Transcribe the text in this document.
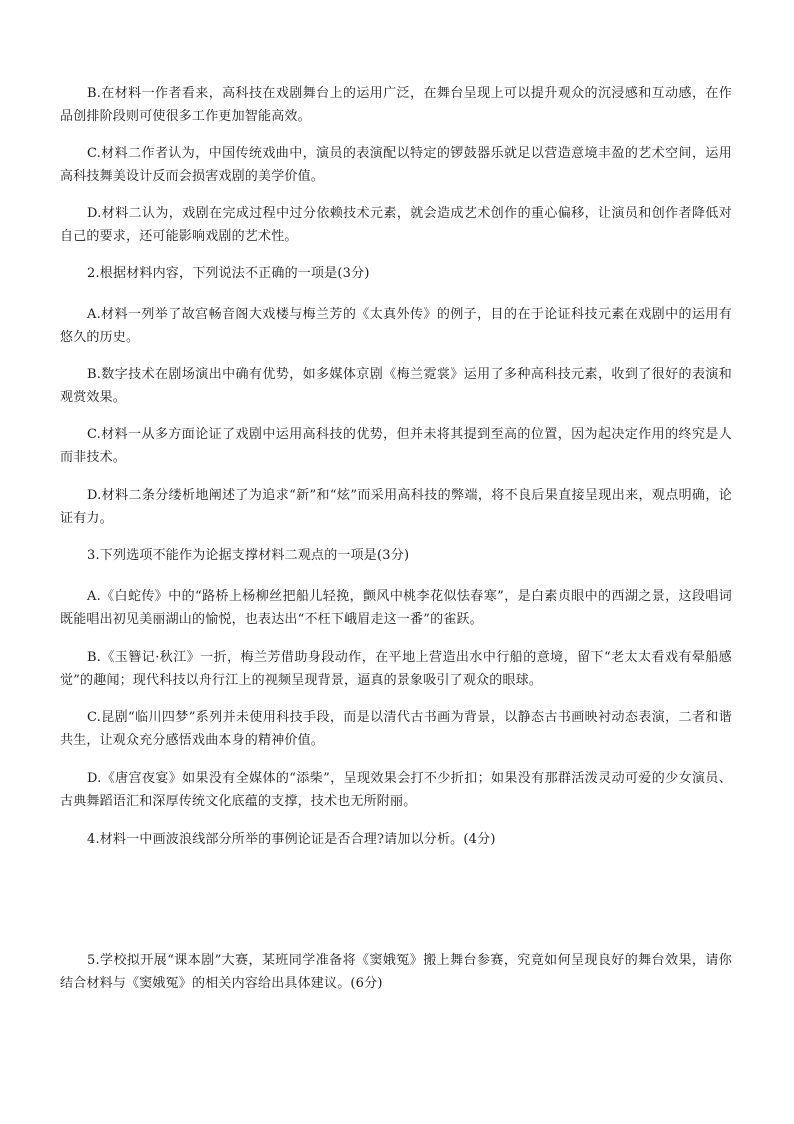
B.在材料一作者看来，高科技在戏剧舞台上的运用广泛，在舞台呈现上可以提升观众的沉浸感和互动感，在作品创排阶段则可使很多工作更加智能高效。

C.材料二作者认为，中国传统戏曲中，演员的表演配以特定的锣鼓器乐就足以营造意境丰盈的艺术空间，运用高科技舞美设计反而会损害戏剧的美学价值。

D.材料二认为，戏剧在完成过程中过分依赖技术元素，就会造成艺术创作的重心偏移，让演员和创作者降低对自己的要求，还可能影响戏剧的艺术性。

2.根据材料内容，下列说法不正确的一项是(3分)

A.材料一列举了故宫畅音阁大戏楼与梅兰芳的《太真外传》的例子，目的在于论证科技元素在戏剧中的运用有悠久的历史。

B.数字技术在剧场演出中确有优势，如多媒体京剧《梅兰霓裳》运用了多种高科技元素，收到了很好的表演和观赏效果。

C.材料一从多方面论证了戏剧中运用高科技的优势，但并未将其提到至高的位置，因为起决定作用的终究是人而非技术。

D.材料二条分缕析地阐述了为追求“新”和“炫”而采用高科技的弊端，将不良后果直接呈现出来，观点明确，论证有力。

3.下列选项不能作为论据支撑材料二观点的一项是(3分)

A.《白蛇传》中的“路桥上杨柳丝把船儿轻挽，颤风中桃李花似怯春寒”，是白素贞眼中的西湖之景，这段唱词既能唱出初见美丽湖山的愉悦，也表达出“不枉下峨眉走这一番”的雀跃。

B.《玉簪记·秋江》一折，梅兰芳借助身段动作，在平地上营造出水中行船的意境，留下“老太太看戏有晕船感觉”的趣闻；现代科技以舟行江上的视频呈现背景，逼真的景象吸引了观众的眼球。

C.昆剧“临川四梦”系列并未使用科技手段，而是以清代古书画为背景，以静态古书画映衬动态表演，二者和谐共生，让观众充分感悟戏曲本身的精神价值。

D.《唐宫夜宴》如果没有全媒体的“添柴”，呈现效果会打不少折扣；如果没有那群活泼灵动可爱的少女演员、古典舞蹈语汇和深厚传统文化底蕴的支撑，技术也无所附丽。

4.材料一中画波浪线部分所举的事例论证是否合理?请加以分析。(4分)

5.学校拟开展“课本剧”大赛，某班同学准备将《窦娥冤》搬上舞台参赛，究竟如何呈现良好的舞台效果，请你结合材料与《窦娥冤》的相关内容给出具体建议。(6分)
